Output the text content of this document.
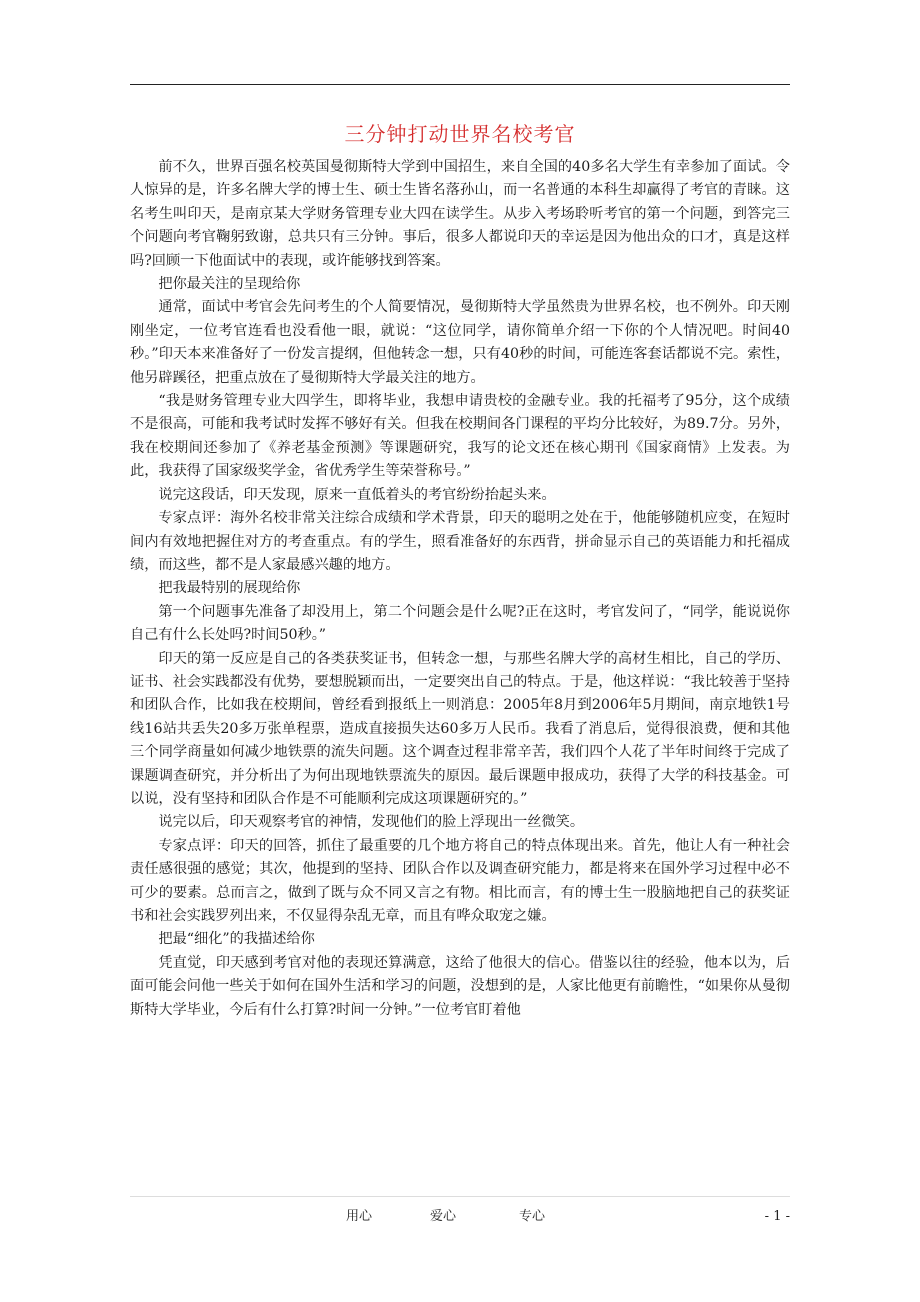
三分钟打动世界名校考官

前不久，世界百强名校英国曼彻斯特大学到中国招生，来自全国的40多名大学生有幸参加了面试。令人惊异的是，许多名牌大学的博士生、硕士生皆名落孙山，而一名普通的本科生却赢得了考官的青睐。这名考生叫印天，是南京某大学财务管理专业大四在读学生。从步入考场聆听考官的第一个问题，到答完三个问题向考官鞠躬致谢，总共只有三分钟。事后，很多人都说印天的幸运是因为他出众的口才，真是这样吗?回顾一下他面试中的表现，或许能够找到答案。

把你最关注的呈现给你

通常，面试中考官会先问考生的个人简要情况，曼彻斯特大学虽然贵为世界名校，也不例外。印天刚刚坐定，一位考官连看也没看他一眼，就说：“这位同学，请你简单介绍一下你的个人情况吧。时间40秒。”印天本来准备好了一份发言提纲，但他转念一想，只有40秒的时间，可能连客套话都说不完。索性，他另辟蹊径，把重点放在了曼彻斯特大学最关注的地方。

“我是财务管理专业大四学生，即将毕业，我想申请贵校的金融专业。我的托福考了95分，这个成绩不是很高，可能和我考试时发挥不够好有关。但我在校期间各门课程的平均分比较好，为89.7分。另外，我在校期间还参加了《养老基金预测》等课题研究，我写的论文还在核心期刊《国家商情》上发表。为此，我获得了国家级奖学金，省优秀学生等荣誉称号。”

说完这段话，印天发现，原来一直低着头的考官纷纷抬起头来。

专家点评：海外名校非常关注综合成绩和学术背景，印天的聪明之处在于，他能够随机应变，在短时间内有效地把握住对方的考查重点。有的学生，照看准备好的东西背，拼命显示自己的英语能力和托福成绩，而这些，都不是人家最感兴趣的地方。

把我最特别的展现给你

第一个问题事先准备了却没用上，第二个问题会是什么呢?正在这时，考官发问了，“同学，能说说你自己有什么长处吗?时间50秒。”

印天的第一反应是自己的各类获奖证书，但转念一想，与那些名牌大学的高材生相比，自己的学历、证书、社会实践都没有优势，要想脱颖而出，一定要突出自己的特点。于是，他这样说：“我比较善于坚持和团队合作，比如我在校期间，曾经看到报纸上一则消息：2005年8月到2006年5月期间，南京地铁1号线16站共丢失20多万张单程票，造成直接损失达60多万人民币。我看了消息后，觉得很浪费，便和其他三个同学商量如何减少地铁票的流失问题。这个调查过程非常辛苦，我们四个人花了半年时间终于完成了课题调查研究，并分析出了为何出现地铁票流失的原因。最后课题申报成功，获得了大学的科技基金。可以说，没有坚持和团队合作是不可能顺利完成这项课题研究的。”

说完以后，印天观察考官的神情，发现他们的脸上浮现出一丝微笑。

专家点评：印天的回答，抓住了最重要的几个地方将自己的特点体现出来。首先，他让人有一种社会责任感很强的感觉；其次，他提到的坚持、团队合作以及调查研究能力，都是将来在国外学习过程中必不可少的要素。总而言之，做到了既与众不同又言之有物。相比而言，有的博士生一股脑地把自己的获奖证书和社会实践罗列出来，不仅显得杂乱无章，而且有哗众取宠之嫌。

把最“细化”的我描述给你

凭直觉，印天感到考官对他的表现还算满意，这给了他很大的信心。借鉴以往的经验，他本以为，后面可能会问他一些关于如何在国外生活和学习的问题，没想到的是，人家比他更有前瞻性，“如果你从曼彻斯特大学毕业，今后有什么打算?时间一分钟。”一位考官盯着他

用心	爱心	专心	- 1 -
